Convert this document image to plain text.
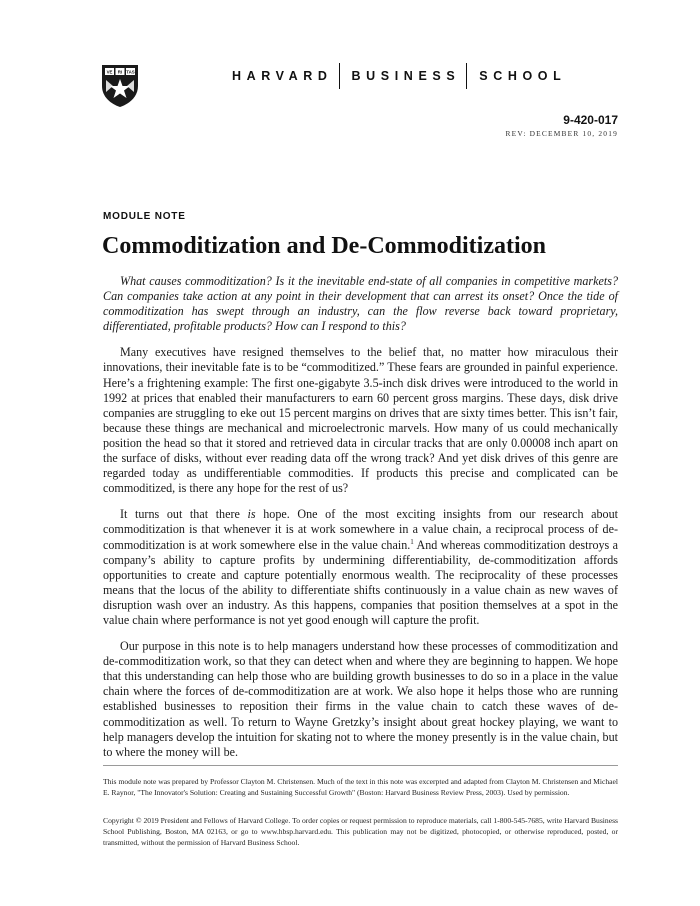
VE RI TAS	HARVARD BUSINESS SCHOOL
9-420-017
REV: DECEMBER 10, 2019
MODULE NOTE
Commoditization and De-Commoditization

What causes commoditization? Is it the inevitable end-state of all companies in competitive markets? Can companies take action at any point in their development that can arrest its onset? Once the tide of commoditization has swept through an industry, can the flow reverse back toward proprietary, differentiated, profitable products? How can I respond to this?

Many executives have resigned themselves to the belief that, no matter how miraculous their innovations, their inevitable fate is to be “commoditized.” These fears are grounded in painful experience. Here’s a frightening example: The first one-gigabyte 3.5-inch disk drives were introduced to the world in 1992 at prices that enabled their manufacturers to earn 60 percent gross margins. These days, disk drive companies are struggling to eke out 15 percent margins on drives that are sixty times better. This isn’t fair, because these things are mechanical and microelectronic marvels. How many of us could mechanically position the head so that it stored and retrieved data in circular tracks that are only 0.00008 inch apart on the surface of disks, without ever reading data off the wrong track? And yet disk drives of this genre are regarded today as undifferentiable commodities. If products this precise and complicated can be commoditized, is there any hope for the rest of us?

It turns out that there is hope. One of the most exciting insights from our research about commoditization is that whenever it is at work somewhere in a value chain, a reciprocal process of de-commoditization is at work somewhere else in the value chain.$^1$ And whereas commoditization destroys a company’s ability to capture profits by undermining differentiability, de-commoditization affords opportunities to create and capture potentially enormous wealth. The reciprocality of these processes means that the locus of the ability to differentiate shifts continuously in a value chain as new waves of disruption wash over an industry. As this happens, companies that position themselves at a spot in the value chain where performance is not yet good enough will capture the profit.

Our purpose in this note is to help managers understand how these processes of commoditization and de-commoditization work, so that they can detect when and where they are beginning to happen. We hope that this understanding can help those who are building growth businesses to do so in a place in the value chain where the forces of de-commoditization are at work. We also hope it helps those who are running established businesses to reposition their firms in the value chain to catch these waves of de-commoditization as well. To return to Wayne Gretzky’s insight about great hockey playing, we want to help managers develop the intuition for skating not to where the money presently is in the value chain, but to where the money will be.

This module note was prepared by Professor Clayton M. Christensen. Much of the text in this note was excerpted and adapted from Clayton M. Christensen and Michael E. Raynor, "The Innovator's Solution: Creating and Sustaining Successful Growth" (Boston: Harvard Business Review Press, 2003). Used by permission.

Copyright © 2019 President and Fellows of Harvard College. To order copies or request permission to reproduce materials, call 1-800-545-7685, write Harvard Business School Publishing, Boston, MA 02163, or go to www.hbsp.harvard.edu. This publication may not be digitized, photocopied, or otherwise reproduced, posted, or transmitted, without the permission of Harvard Business School.
